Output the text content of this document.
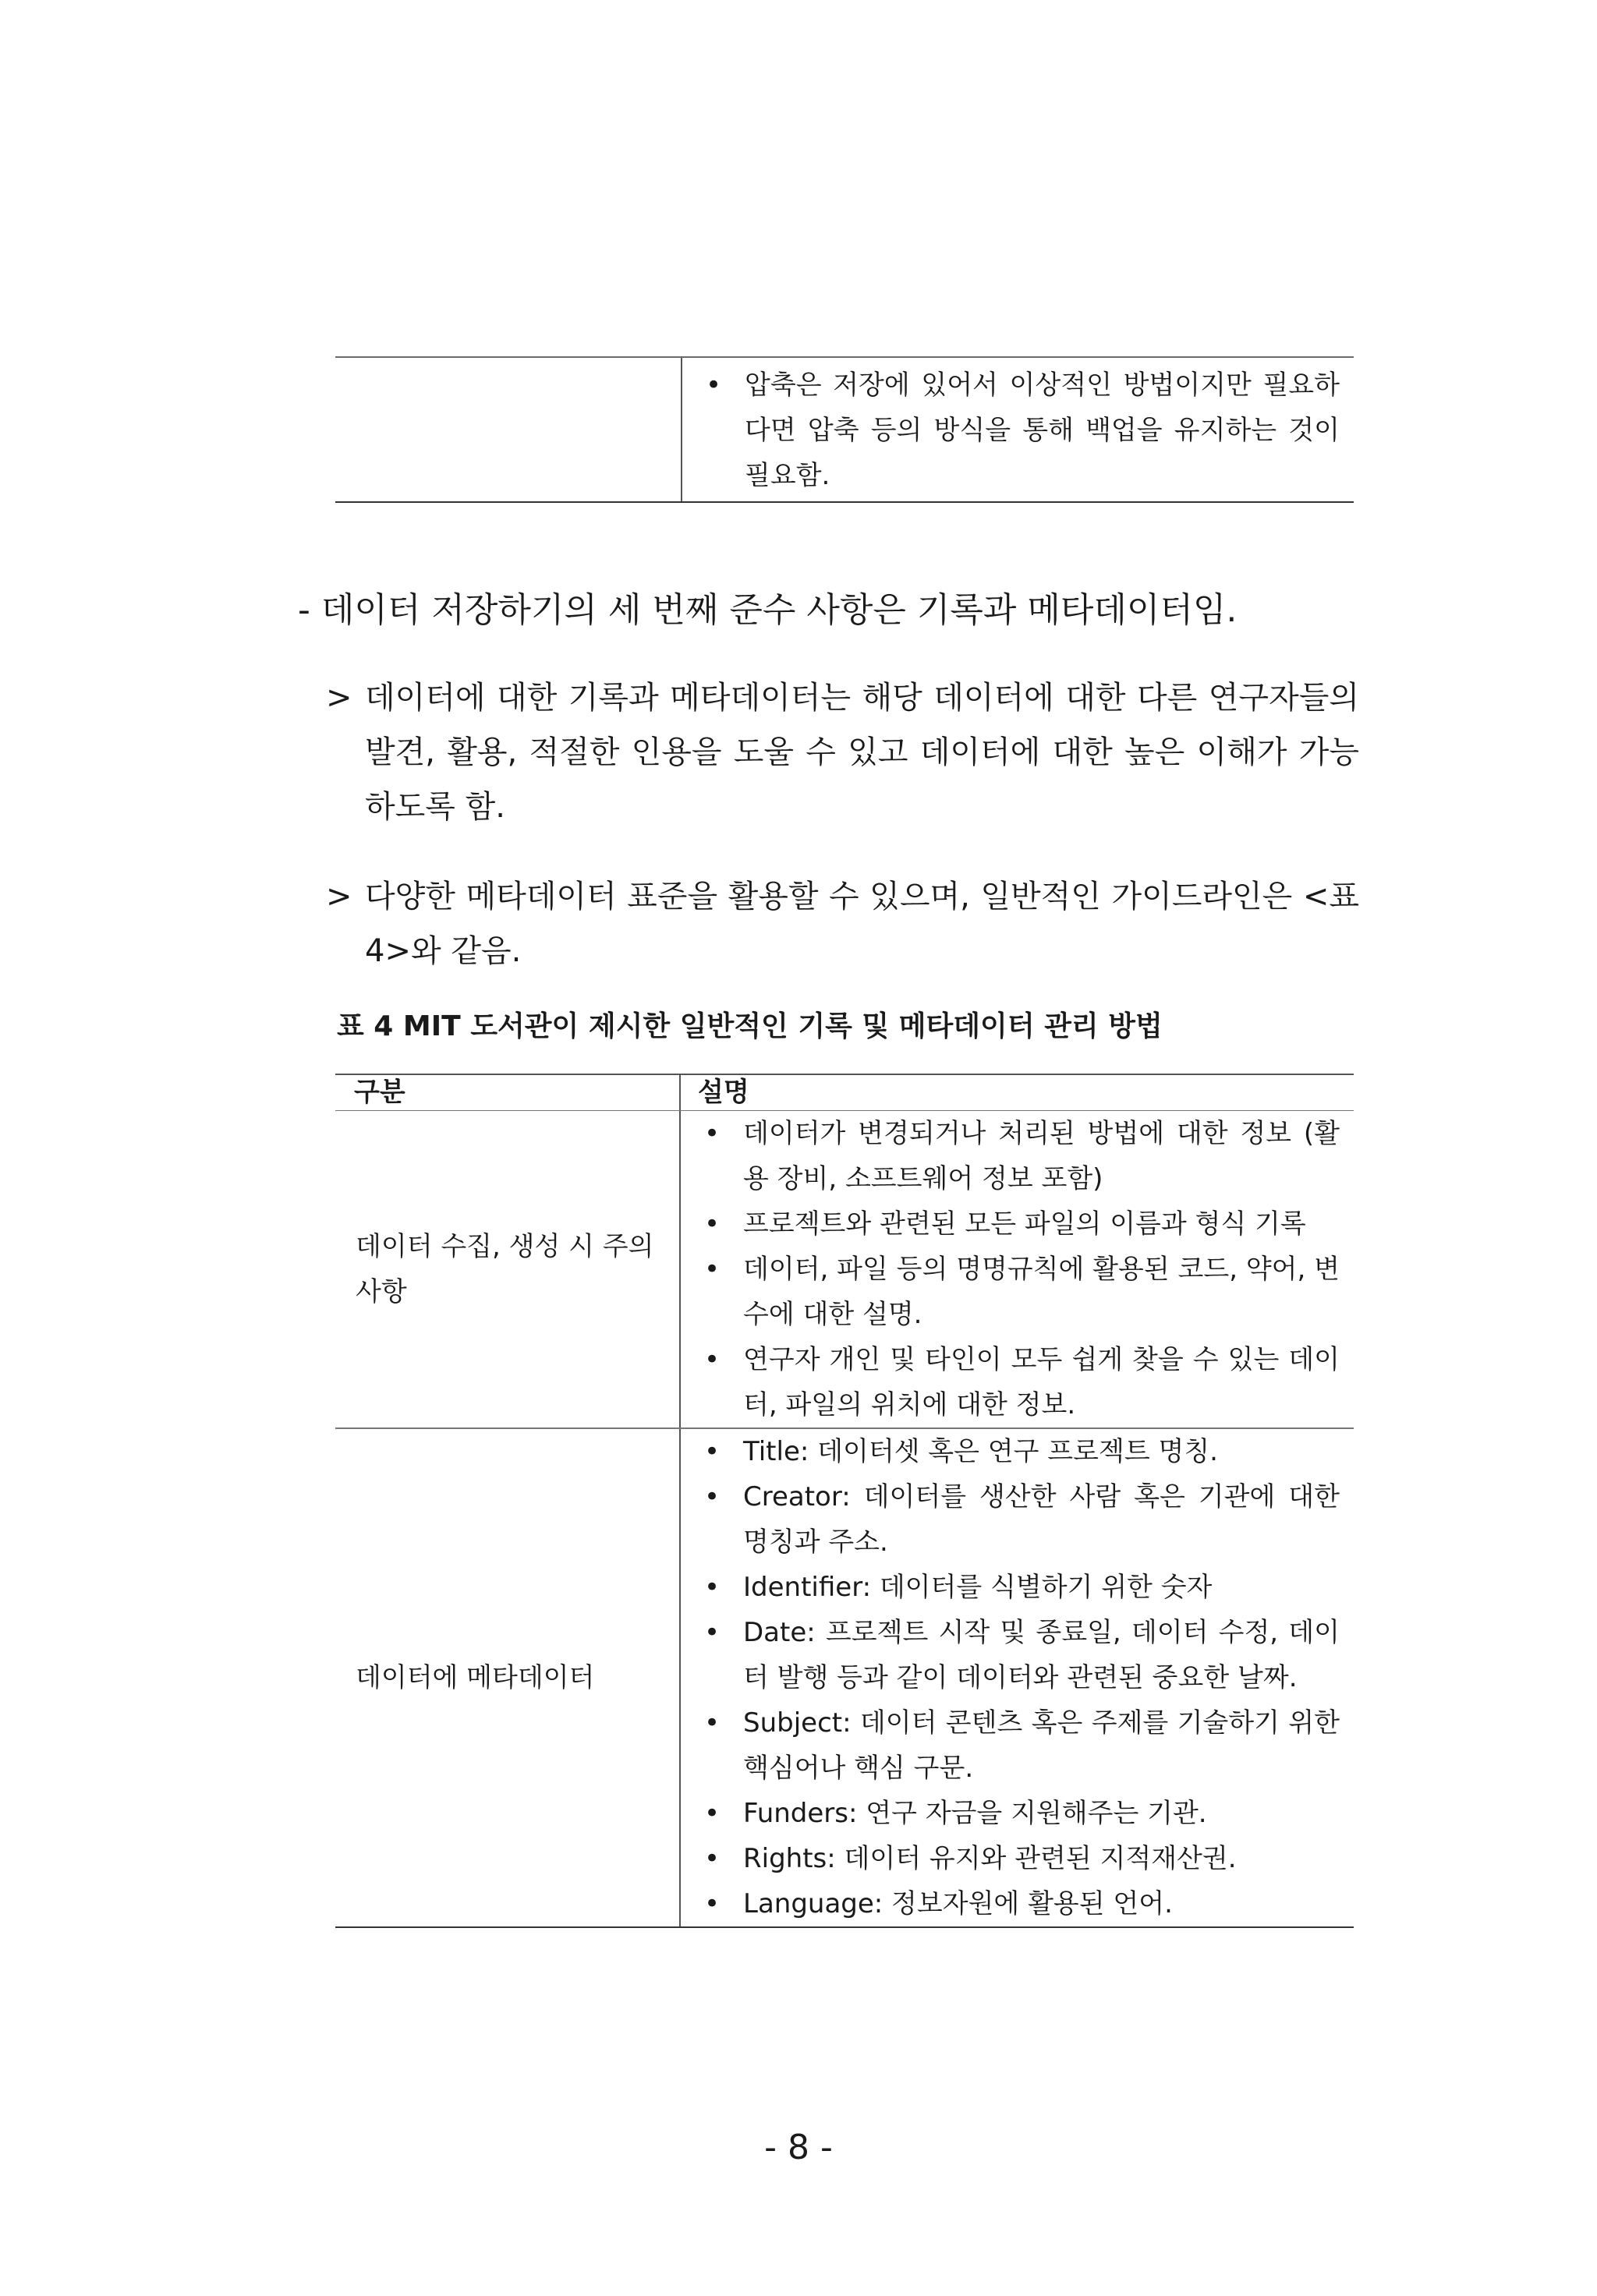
• 압축은 저장에 있어서 이상적인 방법이지만 필요하다면 압축 등의 방식을 통해 백업을 유지하는 것이 필요함.
- 데이터 저장하기의 세 번째 준수 사항은 기록과 메타데이터임.
> 데이터에 대한 기록과 메타데이터는 해당 데이터에 대한 다른 연구자들의 발견, 활용, 적절한 인용을 도울 수 있고 데이터에 대한 높은 이해가 가능하도록 함.
> 다양한 메타데이터 표준을 활용할 수 있으며, 일반적인 가이드라인은 <표 4>와 같음.
표 4 MIT 도서관이 제시한 일반적인 기록 및 메타데이터 관리 방법
구분	설명
데이터 수집, 생성 시 주의 사항
• 데이터가 변경되거나 처리된 방법에 대한 정보 (활용 장비, 소프트웨어 정보 포함)
• 프로젝트와 관련된 모든 파일의 이름과 형식 기록
• 데이터, 파일 등의 명명규칙에 활용된 코드, 약어, 변수에 대한 설명.
• 연구자 개인 및 타인이 모두 쉽게 찾을 수 있는 데이터, 파일의 위치에 대한 정보.
데이터에 메타데이터
• Title: 데이터셋 혹은 연구 프로젝트 명칭.
• Creator: 데이터를 생산한 사람 혹은 기관에 대한 명칭과 주소.
• Identifier: 데이터를 식별하기 위한 숫자
• Date: 프로젝트 시작 및 종료일, 데이터 수정, 데이터 발행 등과 같이 데이터와 관련된 중요한 날짜.
• Subject: 데이터 콘텐츠 혹은 주제를 기술하기 위한 핵심어나 핵심 구문.
• Funders: 연구 자금을 지원해주는 기관.
• Rights: 데이터 유지와 관련된 지적재산권.
• Language: 정보자원에 활용된 언어.
- 8 -
